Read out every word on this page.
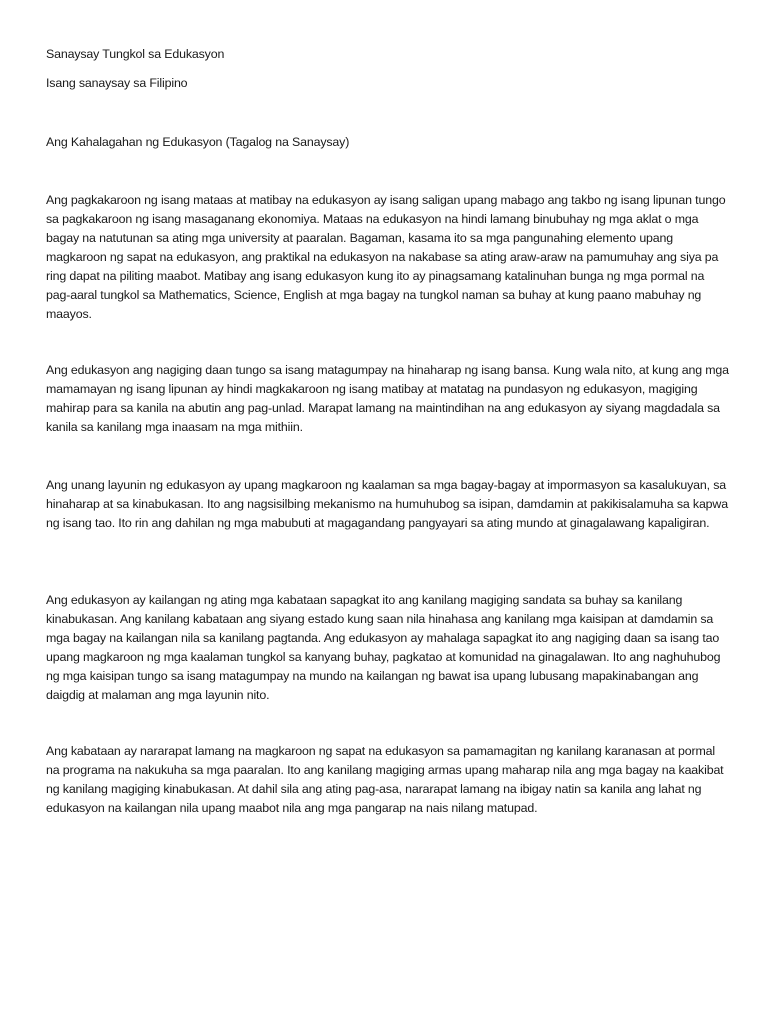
Sanaysay Tungkol sa Edukasyon
Isang sanaysay sa Filipino
Ang Kahalagahan ng Edukasyon (Tagalog na Sanaysay)
Ang pagkakaroon ng isang mataas at matibay na edukasyon ay isang saligan upang mabago ang takbo ng isang lipunan tungo sa pagkakaroon ng isang masaganang ekonomiya. Mataas na edukasyon na hindi lamang binubuhay ng mga aklat o mga bagay na natutunan sa ating mga university at paaralan. Bagaman, kasama ito sa mga pangunahing elemento upang magkaroon ng sapat na edukasyon, ang praktikal na edukasyon na nakabase sa ating araw-araw na pamumuhay ang siya pa ring dapat na piliting maabot. Matibay ang isang edukasyon kung ito ay pinagsamang katalinuhan bunga ng mga pormal na pag-aaral tungkol sa Mathematics, Science, English at mga bagay na tungkol naman sa buhay at kung paano mabuhay ng maayos.
Ang edukasyon ang nagiging daan tungo sa isang matagumpay na hinaharap ng isang bansa. Kung wala nito, at kung ang mga mamamayan ng isang lipunan ay hindi magkakaroon ng isang matibay at matatag na pundasyon ng edukasyon, magiging mahirap para sa kanila na abutin ang pag-unlad. Marapat lamang na maintindihan na ang edukasyon ay siyang magdadala sa kanila sa kanilang mga inaasam na mga mithiin.
Ang unang layunin ng edukasyon ay upang magkaroon ng kaalaman sa mga bagay-bagay at impormasyon sa kasalukuyan, sa hinaharap at sa kinabukasan. Ito ang nagsisilbing mekanismo na humuhubog sa isipan, damdamin at pakikisalamuha sa kapwa ng isang tao. Ito rin ang dahilan ng mga mabubuti at magagandang pangyayari sa ating mundo at ginagalawang kapaligiran.
Ang edukasyon ay kailangan ng ating mga kabataan sapagkat ito ang kanilang magiging sandata sa buhay sa kanilang kinabukasan. Ang kanilang kabataan ang siyang estado kung saan nila hinahasa ang kanilang mga kaisipan at damdamin sa mga bagay na kailangan nila sa kanilang pagtanda. Ang edukasyon ay mahalaga sapagkat ito ang nagiging daan sa isang tao upang magkaroon ng mga kaalaman tungkol sa kanyang buhay, pagkatao at komunidad na ginagalawan. Ito ang naghuhubog ng mga kaisipan tungo sa isang matagumpay na mundo na kailangan ng bawat isa upang lubusang mapakinabangan ang daigdig at malaman ang mga layunin nito.
Ang kabataan ay nararapat lamang na magkaroon ng sapat na edukasyon sa pamamagitan ng kanilang karanasan at pormal na programa na nakukuha sa mga paaralan. Ito ang kanilang magiging armas upang maharap nila ang mga bagay na kaakibat ng kanilang magiging kinabukasan. At dahil sila ang ating pag-asa, nararapat lamang na ibigay natin sa kanila ang lahat ng edukasyon na kailangan nila upang maabot nila ang mga pangarap na nais nilang matupad.
